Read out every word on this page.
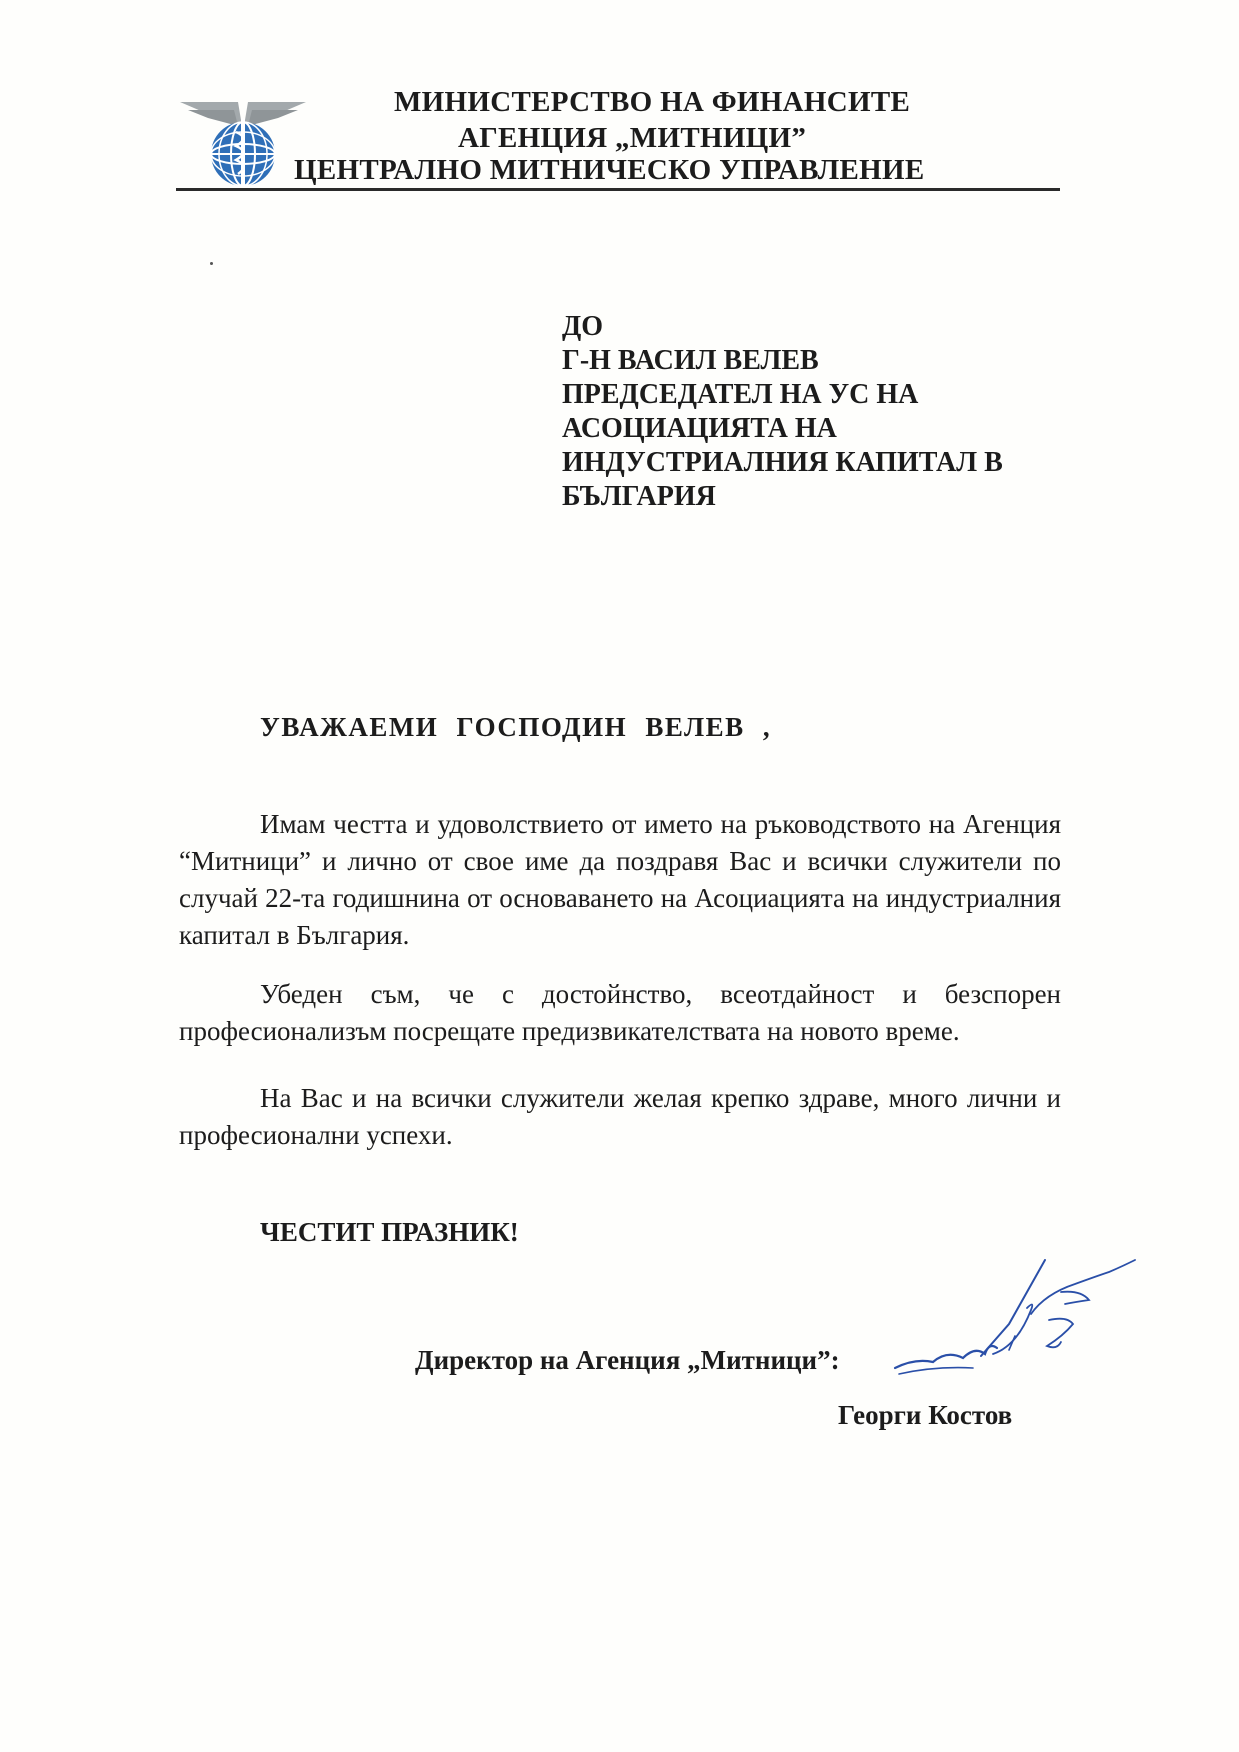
МИНИСТЕРСТВО НА ФИНАНСИТЕ
АГЕНЦИЯ „МИТНИЦИ”
ЦЕНТРАЛНО МИТНИЧЕСКО УПРАВЛЕНИЕ
ДО
Г-Н ВАСИЛ ВЕЛЕВ
ПРЕДСЕДАТЕЛ НА УС НА
АСОЦИАЦИЯТА НА
ИНДУСТРИАЛНИЯ КАПИТАЛ В
БЪЛГАРИЯ
УВАЖАЕМИ ГОСПОДИН ВЕЛЕВ ,
Имам честта и удоволствието от името на ръководството на Агенция “Митници” и лично от свое име да поздравя Вас и всички служители по случай 22-та годишнина от основаването на Асоциацията на индустриалния капитал в България.
Убеден съм, че с достойнство, всеотдайност и безспорен професионализъм посрещате предизвикателствата на новото време.
На Вас и на всички служители желая крепко здраве, много лични и професионални успехи.
ЧЕСТИТ ПРАЗНИК!
Директор на Агенция „Митници”:
Георги Костов
